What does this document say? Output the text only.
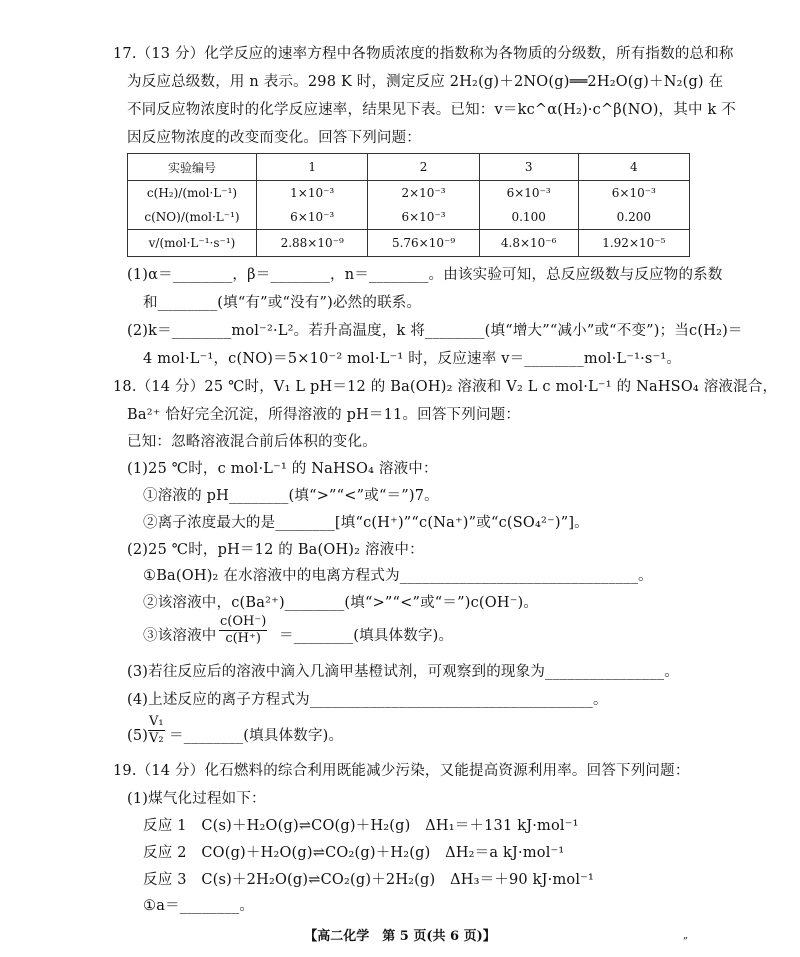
17.（13 分）化学反应的速率方程中各物质浓度的指数称为各物质的分级数，所有指数的总和称
为反应总级数，用 n 表示。298 K 时，测定反应 2H₂(g)＋2NO(g)══2H₂O(g)＋N₂(g) 在
不同反应物浓度时的化学反应速率，结果见下表。已知：v＝kc^α(H₂)·c^β(NO)，其中 k 不
因反应物浓度的改变而变化。回答下列问题：
实验编号	1	2	3	4
c(H₂)/(mol·L⁻¹)	1×10⁻³	2×10⁻³	6×10⁻³	6×10⁻³
c(NO)/(mol·L⁻¹)	6×10⁻³	6×10⁻³	0.100	0.200
v/(mol·L⁻¹·s⁻¹)	2.88×10⁻⁹	5.76×10⁻⁹	4.8×10⁻⁶	1.92×10⁻⁵
(1)α＝________，β＝________，n＝________。由该实验可知，总反应级数与反应物的系数
和________(填“有”或“没有”)必然的联系。
(2)k＝________mol⁻²·L²。若升高温度，k 将________(填“增大”“减小”或“不变”)；当c(H₂)＝
4 mol·L⁻¹，c(NO)＝5×10⁻² mol·L⁻¹ 时，反应速率 v＝________mol·L⁻¹·s⁻¹。
18.（14 分）25 ℃时，V₁ L pH＝12 的 Ba(OH)₂ 溶液和 V₂ L c mol·L⁻¹ 的 NaHSO₄ 溶液混合，
Ba²⁺ 恰好完全沉淀，所得溶液的 pH＝11。回答下列问题：
已知：忽略溶液混合前后体积的变化。
(1)25 ℃时，c mol·L⁻¹ 的 NaHSO₄ 溶液中：
①溶液的 pH________(填“>”“<”或“＝”)7。
②离子浓度最大的是________[填“c(H⁺)”“c(Na⁺)”或“c(SO₄²⁻)”]。
(2)25 ℃时，pH＝12 的 Ba(OH)₂ 溶液中：
①Ba(OH)₂ 在水溶液中的电离方程式为________________________________。
②该溶液中，c(Ba²⁺)________(填“>”“<”或“＝”)c(OH⁻)。
③该溶液中 $\frac{c(OH^-)}{c(H^+)}$ ＝________(填具体数字)。
(3)若往反应后的溶液中滴入几滴甲基橙试剂，可观察到的现象为________________。
(4)上述反应的离子方程式为______________________________________。
$(5) \frac{\text{V₁}}{\text{V₂}}$ ＝________(填具体数字)。
19.（14 分）化石燃料的综合利用既能减少污染，又能提高资源利用率。回答下列问题：
(1)煤气化过程如下：
反应 1　C(s)＋H₂O(g)⇌CO(g)＋H₂(g)　ΔH₁＝＋131 kJ·mol⁻¹
反应 2　CO(g)＋H₂O(g)⇌CO₂(g)＋H₂(g)　ΔH₂＝a kJ·mol⁻¹
反应 3　C(s)＋2H₂O(g)⇌CO₂(g)＋2H₂(g)　ΔH₃＝＋90 kJ·mol⁻¹
①a＝________。
【高二化学　第 5 页(共 6 页)】	„
